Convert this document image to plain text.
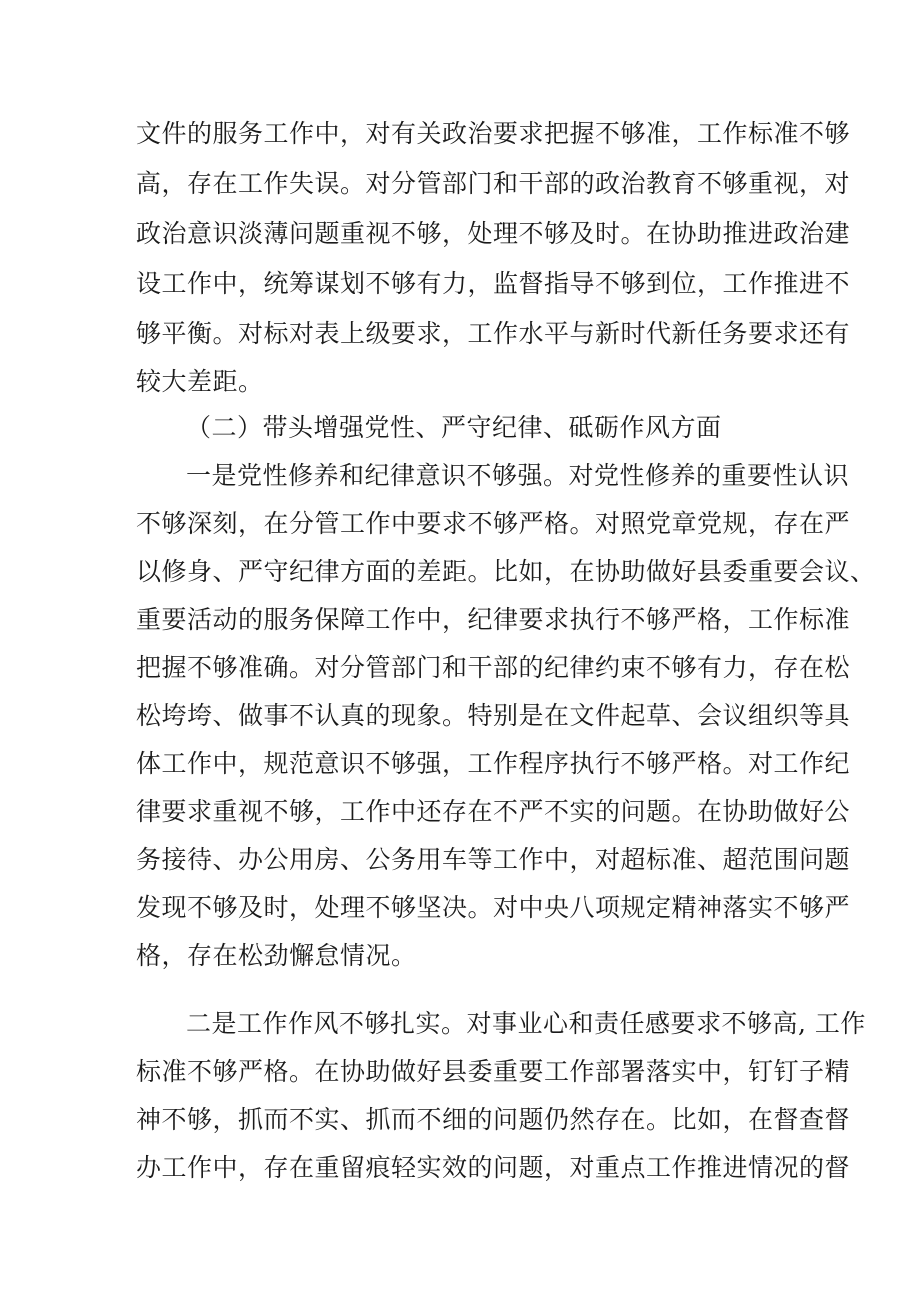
文件的服务工作中，对有关政治要求把握不够准，工作标准不够
高，存在工作失误。对分管部门和干部的政治教育不够重视，对
政治意识淡薄问题重视不够，处理不够及时。在协助推进政治建
设工作中，统筹谋划不够有力，监督指导不够到位，工作推进不
够平衡。对标对表上级要求，工作水平与新时代新任务要求还有
较大差距。
（二）带头增强党性、严守纪律、砥砺作风方面
一是党性修养和纪律意识不够强。对党性修养的重要性认识
不够深刻，在分管工作中要求不够严格。对照党章党规，存在严
以修身、严守纪律方面的差距。比如，在协助做好县委重要会议、
重要活动的服务保障工作中，纪律要求执行不够严格，工作标准
把握不够准确。对分管部门和干部的纪律约束不够有力，存在松
松垮垮、做事不认真的现象。特别是在文件起草、会议组织等具
体工作中，规范意识不够强，工作程序执行不够严格。对工作纪
律要求重视不够，工作中还存在不严不实的问题。在协助做好公
务接待、办公用房、公务用车等工作中，对超标准、超范围问题
发现不够及时，处理不够坚决。对中央八项规定精神落实不够严
格，存在松劲懈怠情况。
二是工作作风不够扎实。对事业心和责任感要求不够高, 工作
标准不够严格。在协助做好县委重要工作部署落实中，钉钉子精
神不够，抓而不实、抓而不细的问题仍然存在。比如，在督查督
办工作中，存在重留痕轻实效的问题，对重点工作推进情况的督
